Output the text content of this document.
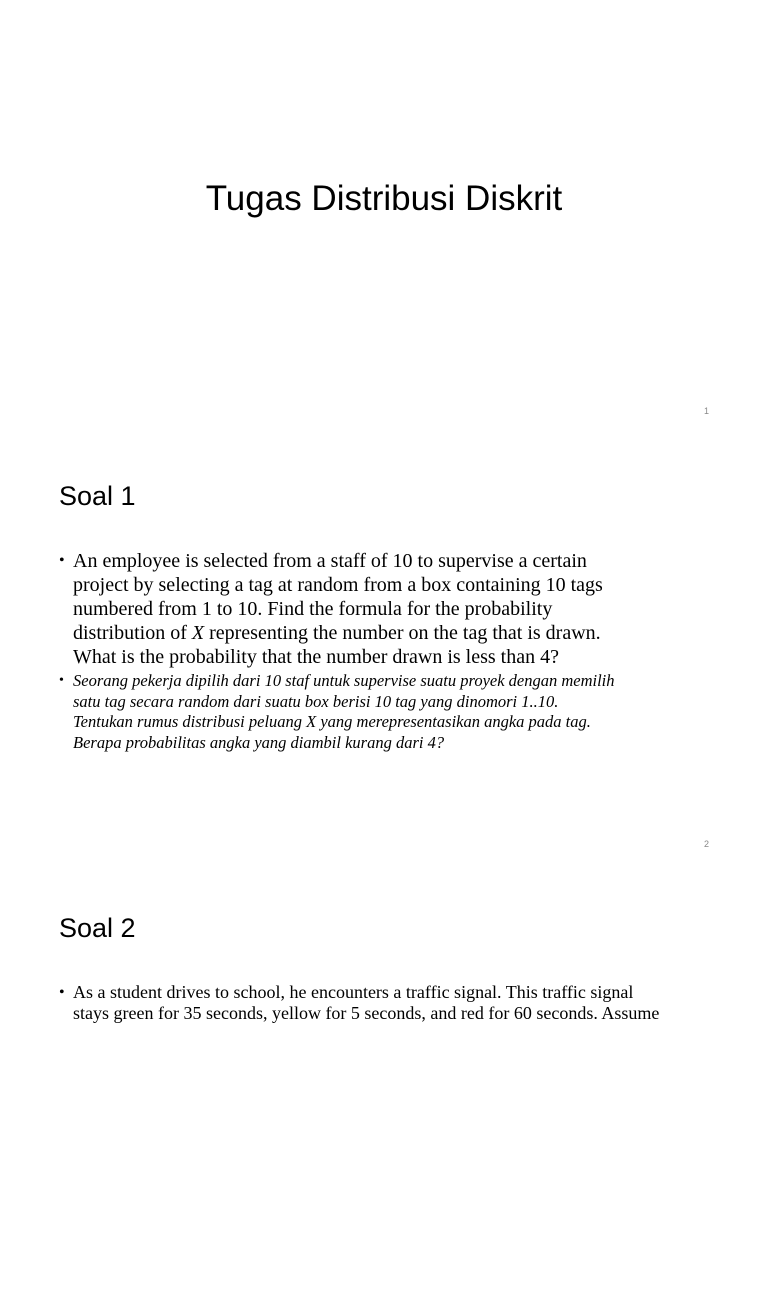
Tugas Distribusi Diskrit
1
Soal 1
• An employee is selected from a staff of 10 to supervise a certain
project by selecting a tag at random from a box containing 10 tags
numbered from 1 to 10. Find the formula for the probability
distribution of X representing the number on the tag that is drawn.
What is the probability that the number drawn is less than 4?
• Seorang pekerja dipilih dari 10 staf untuk supervise suatu proyek dengan memilih
satu tag secara random dari suatu box berisi 10 tag yang dinomori 1..10.
Tentukan rumus distribusi peluang X yang merepresentasikan angka pada tag.
Berapa probabilitas angka yang diambil kurang dari 4?
2
Soal 2
• As a student drives to school, he encounters a traffic signal. This traffic signal
stays green for 35 seconds, yellow for 5 seconds, and red for 60 seconds. Assume
